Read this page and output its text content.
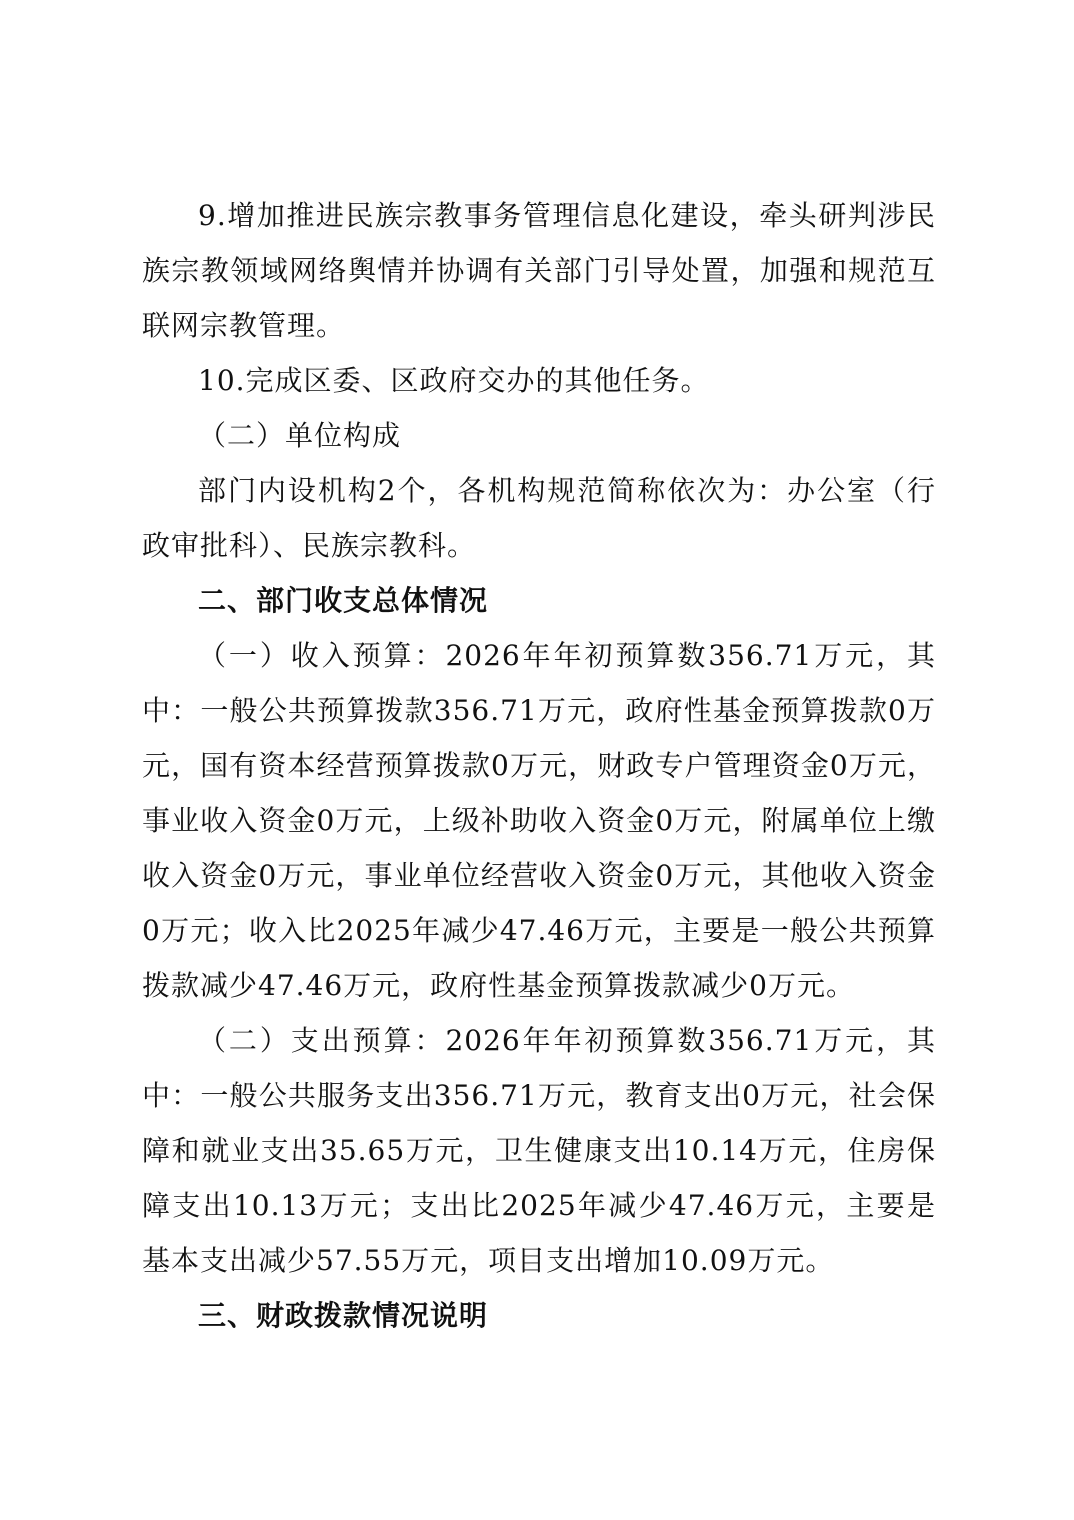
9.增加推进民族宗教事务管理信息化建设，牵头研判涉民族宗教领域网络舆情并协调有关部门引导处置，加强和规范互联网宗教管理。

10.完成区委、区政府交办的其他任务。

（二）单位构成

部门内设机构2个，各机构规范简称依次为：办公室（行政审批科）、民族宗教科。

二、部门收支总体情况

（一）收入预算：2026年年初预算数356.71万元，其中：一般公共预算拨款356.71万元，政府性基金预算拨款0万元，国有资本经营预算拨款0万元，财政专户管理资金0万元，事业收入资金0万元，上级补助收入资金0万元，附属单位上缴收入资金0万元，事业单位经营收入资金0万元，其他收入资金0万元；收入比2025年减少47.46万元，主要是一般公共预算拨款减少47.46万元，政府性基金预算拨款减少0万元。

（二）支出预算：2026年年初预算数356.71万元，其中：一般公共服务支出356.71万元，教育支出0万元，社会保障和就业支出35.65万元，卫生健康支出10.14万元，住房保障支出10.13万元；支出比2025年减少47.46万元，主要是基本支出减少57.55万元，项目支出增加10.09万元。

三、财政拨款情况说明
